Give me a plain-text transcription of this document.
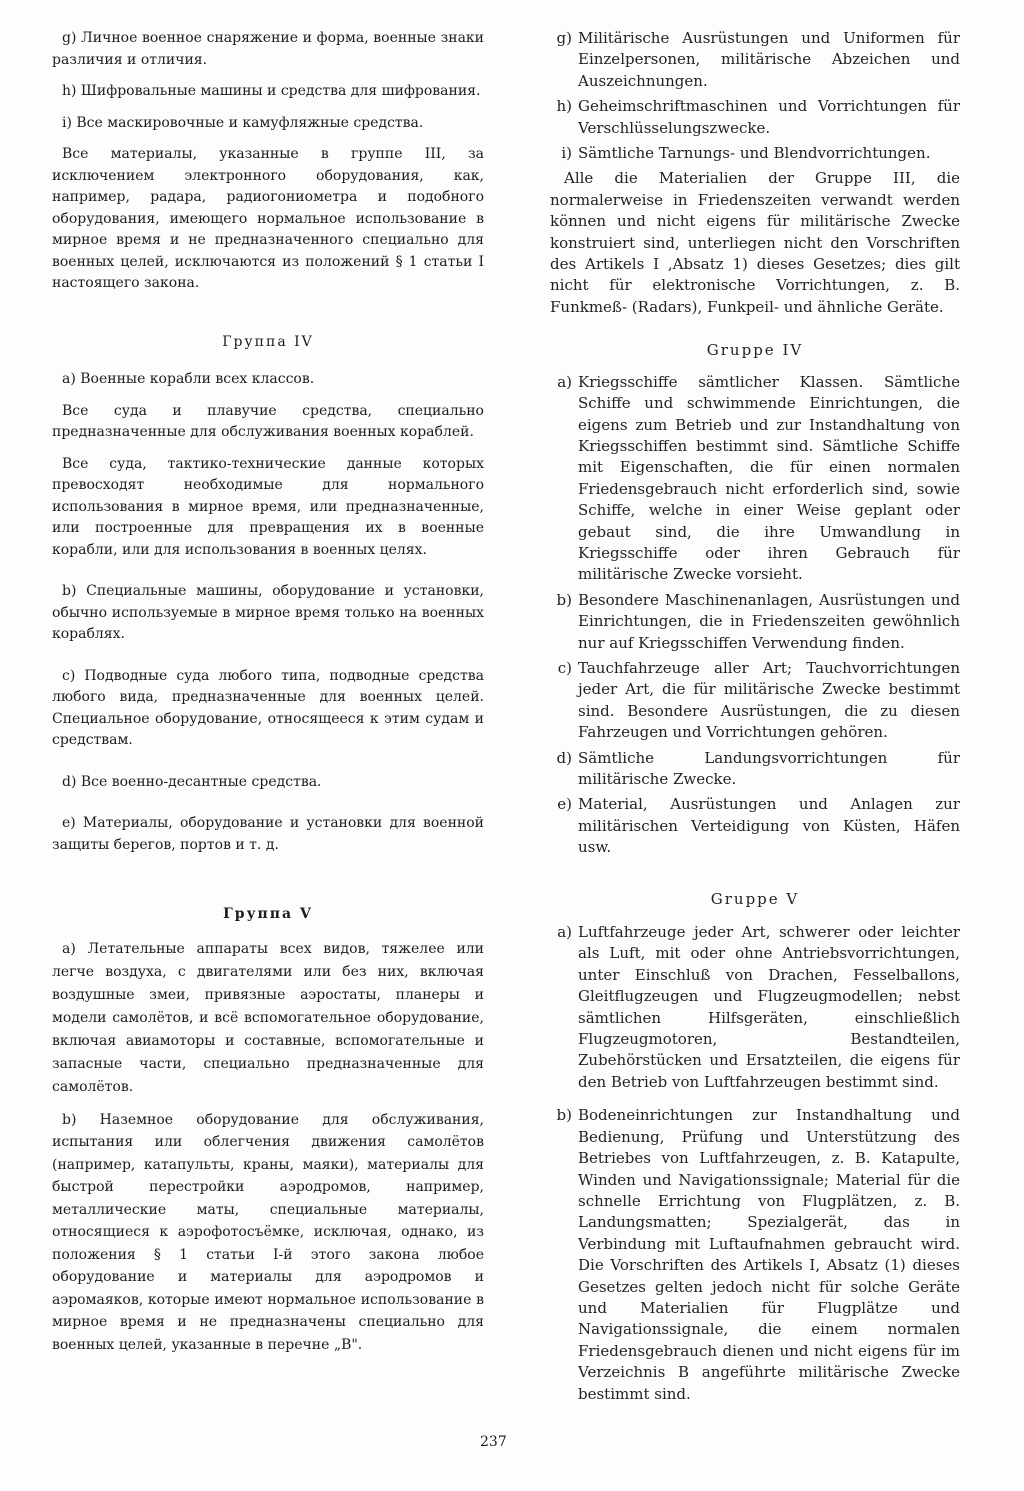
g) Личное военное снаряжение и форма, военные знаки различия и отличия.

h) Шифровальные машины и средства для шифрования.

i) Все маскировочные и камуфляжные средства.

Все материалы, указанные в группе III, за исключением электронного оборудования, как, например, радара, радиогониометра и подобного оборудования, имеющего нормальное использование в мирное время и не предназначенного специально для военных целей, исключаются из положений § 1 статьи I настоящего закона.

Группа IV

а) Военные корабли всех классов.

Все суда и плавучие средства, специально предназначенные для обслуживания военных кораблей.

Все суда, тактико-технические данные которых превосходят необходимые для нормального использования в мирное время, или предназначенные, или построенные для превращения их в военные корабли, или для использования в военных целях.

b) Специальные машины, оборудование и установки, обычно используемые в мирное время только на военных кораблях.

с) Подводные суда любого типа, подводные средства любого вида, предназначенные для военных целей. Специальное оборудование, относящееся к этим судам и средствам.

d) Все военно-десантные средства.

е) Материалы, оборудование и установки для военной защиты берегов, портов и т. д.

Группа V

а) Летательные аппараты всех видов, тяжелее или легче воздуха, с двигателями или без них, включая воздушные змеи, привязные аэростаты, планеры и модели самолётов, и всё вспомогательное оборудование, включая авиамоторы и составные, вспомогательные и запасные части, специально предназначенные для самолётов.

b) Наземное оборудование для обслуживания, испытания или облегчения движения самолётов (например, катапульты, краны, маяки), материалы для быстрой перестройки аэродромов, например, металлические маты, специальные материалы, относящиеся к аэрофотосъёмке, исключая, однако, из положения § 1 статьи I-й этого закона любое оборудование и материалы для аэродромов и аэромаяков, которые имеют нормальное использование в мирное время и не предназначены специально для военных целей, указанные в перечне „В".

g) Militärische Ausrüstungen und Uniformen für Einzelpersonen, militärische Abzeichen und Auszeichnungen.
h) Geheimschriftmaschinen und Vorrichtungen für Verschlüsselungszwecke.
i) Sämtliche Tarnungs- und Blendvorrichtungen.

Alle die Materialien der Gruppe III, die normalerweise in Friedenszeiten verwandt werden können und nicht eigens für militärische Zwecke konstruiert sind, unterliegen nicht den Vorschriften des Artikels I ,Absatz 1) dieses Gesetzes; dies gilt nicht für elektronische Vorrichtungen, z. B. Funkmeß- (Radars), Funkpeil- und ähnliche Geräte.

Gruppe IV

a) Kriegsschiffe sämtlicher Klassen. Sämtliche Schiffe und schwimmende Einrichtungen, die eigens zum Betrieb und zur Instandhaltung von Kriegsschiffen bestimmt sind. Sämtliche Schiffe mit Eigenschaften, die für einen normalen Friedensgebrauch nicht erforderlich sind, sowie Schiffe, welche in einer Weise geplant oder gebaut sind, die ihre Umwandlung in Kriegsschiffe oder ihren Gebrauch für militärische Zwecke vorsieht.
b) Besondere Maschinenanlagen, Ausrüstungen und Einrichtungen, die in Friedenszeiten gewöhnlich nur auf Kriegsschiffen Verwendung finden.
c) Tauchfahrzeuge aller Art; Tauchvorrichtungen jeder Art, die für militärische Zwecke bestimmt sind. Besondere Ausrüstungen, die zu diesen Fahrzeugen und Vorrichtungen gehören.
d) Sämtliche Landungsvorrichtungen für militärische Zwecke.
e) Material, Ausrüstungen und Anlagen zur militärischen Verteidigung von Küsten, Häfen usw.

Gruppe V

a) Luftfahrzeuge jeder Art, schwerer oder leichter als Luft, mit oder ohne Antriebsvorrichtungen, unter Einschluß von Drachen, Fesselballons, Gleitflugzeugen und Flugzeugmodellen; nebst sämtlichen Hilfsgeräten, einschließlich Flugzeugmotoren, Bestandteilen, Zubehörstücken und Ersatzteilen, die eigens für den Betrieb von Luftfahrzeugen bestimmt sind.
b) Bodeneinrichtungen zur Instandhaltung und Bedienung, Prüfung und Unterstützung des Betriebes von Luftfahrzeugen, z. B. Katapulte, Winden und Navigationssignale; Material für die schnelle Errichtung von Flugplätzen, z. B. Landungsmatten; Spezialgerät, das in Verbindung mit Luftaufnahmen gebraucht wird. Die Vorschriften des Artikels I, Absatz (1) dieses Gesetzes gelten jedoch nicht für solche Geräte und Materialien für Flugplätze und Navigationssignale, die einem normalen Friedensgebrauch dienen und nicht eigens für im Verzeichnis B angeführte militärische Zwecke bestimmt sind.
237
